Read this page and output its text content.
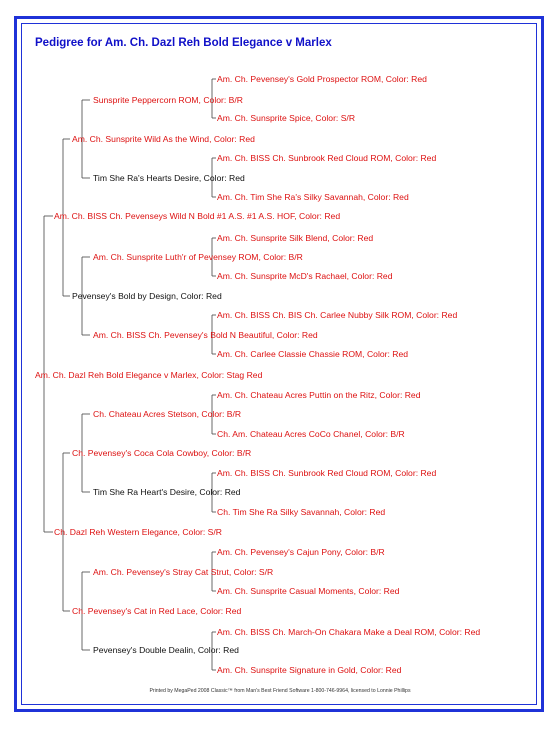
Pedigree for Am. Ch. Dazl Reh Bold Elegance v Marlex
Am. Ch. Pevensey's Gold Prospector ROM, Color: Red
Sunsprite Peppercorn ROM, Color: B/R
Am. Ch. Sunsprite Spice, Color: S/R
Am. Ch. Sunsprite Wild As the Wind, Color: Red
Am. Ch. BISS Ch. Sunbrook Red Cloud ROM, Color: Red
Tim She Ra's Hearts Desire, Color: Red
Am. Ch. Tim She Ra's Silky Savannah, Color: Red
Am. Ch. BISS Ch. Pevenseys Wild N Bold #1 A.S. #1 A.S. HOF, Color: Red
Am. Ch. Sunsprite Silk Blend, Color: Red
Am. Ch. Sunsprite Luth'r of Pevensey ROM, Color: B/R
Am. Ch. Sunsprite McD's Rachael, Color: Red
Pevensey's Bold by Design, Color: Red
Am. Ch. BISS Ch. BIS Ch. Carlee Nubby Silk ROM, Color: Red
Am. Ch. BISS Ch. Pevensey's Bold N Beautiful, Color: Red
Am. Ch. Carlee Classie Chassie ROM, Color: Red
Am. Ch. Dazl Reh Bold Elegance v Marlex, Color: Stag Red
Am. Ch. Chateau Acres Puttin on the Ritz, Color: Red
Ch. Chateau Acres Stetson, Color: B/R
Ch. Am. Chateau Acres CoCo Chanel, Color: B/R
Ch. Pevensey's Coca Cola Cowboy, Color: B/R
Am. Ch. BISS Ch. Sunbrook Red Cloud ROM, Color: Red
Tim She Ra Heart's Desire, Color: Red
Ch. Tim She Ra Silky Savannah, Color: Red
Ch. Dazl Reh Western Elegance, Color: S/R
Am. Ch. Pevensey's Cajun Pony, Color: B/R
Am. Ch. Pevensey's Stray Cat Strut, Color: S/R
Am. Ch. Sunsprite Casual Moments, Color: Red
Ch. Pevensey's Cat in Red Lace, Color: Red
Am. Ch. BISS Ch. March-On Chakara Make a Deal ROM, Color: Red
Pevensey's Double Dealin, Color: Red
Am. Ch. Sunsprite Signature in Gold, Color: Red
Printed by MegaPed 2008 Classic™ from Man's Best Friend Software 1-800-746-9964, licensed to Lonnie Phillips
